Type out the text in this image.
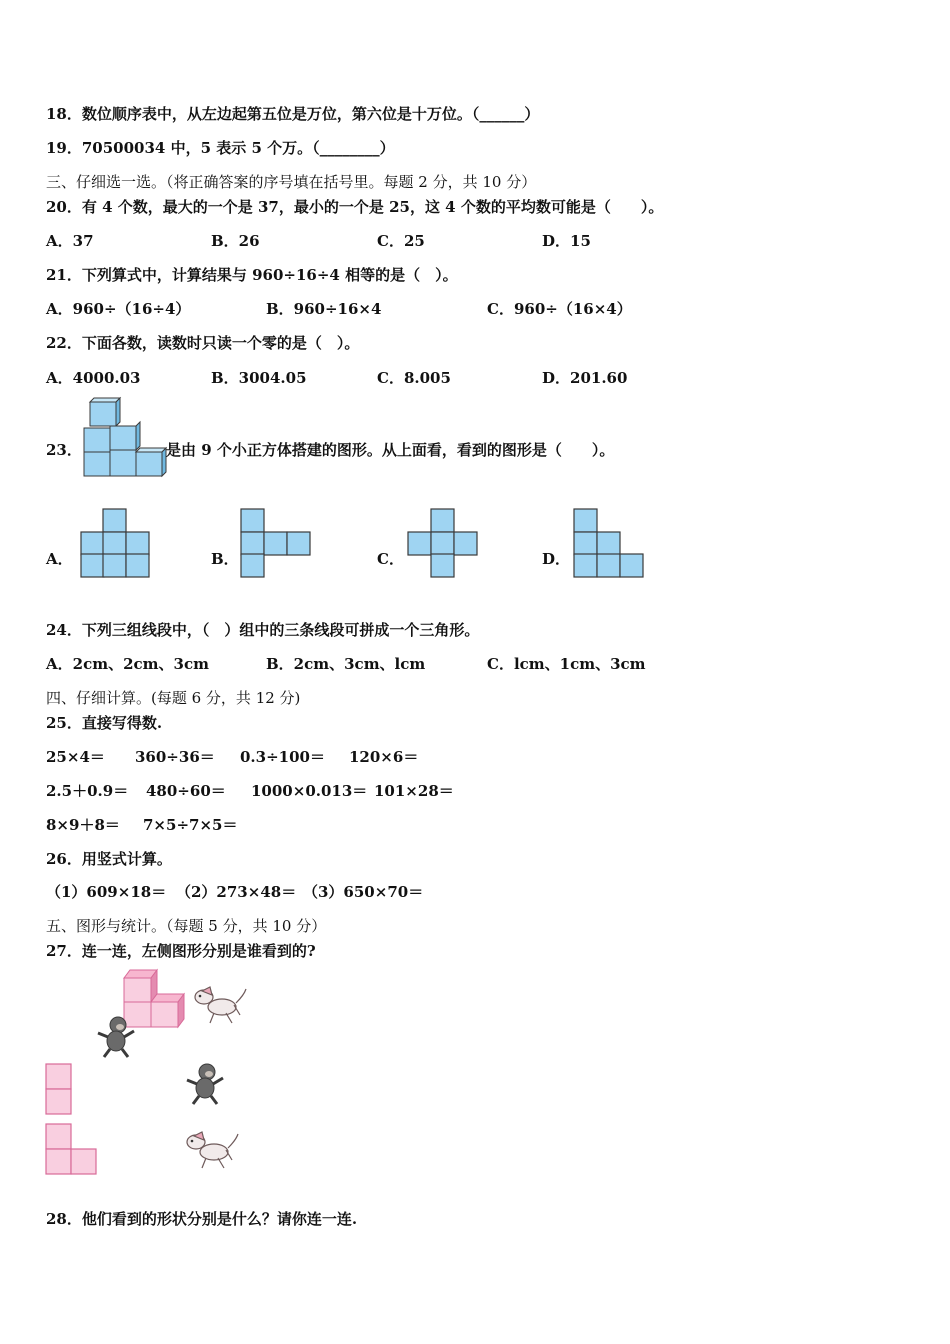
18．数位顺序表中，从左边起第五位是万位，第六位是十万位。（______）
19．70500034 中，5 表示 5 个万。（________）
三、仔细选一选。（将正确答案的序号填在括号里。每题 2 分，共 10 分）
20．有 4 个数，最大的一个是 37，最小的一个是 25，这 4 个数的平均数可能是（　　）。
A．37	B．26	C．25	D．15
21．下列算式中，计算结果与 960÷16÷4 相等的是（　）。
A．960÷（16÷4）	B．960÷16×4	C．960÷（16×4）
22．下面各数，读数时只读一个零的是（　）。
A．4000.03	B．3004.05	C．8.005	D．201.60
23．	是由 9 个小正方体搭建的图形。从上面看，看到的图形是（　　）。
A．	B．	C．	D．
24．下列三组线段中，（　）组中的三条线段可拼成一个三角形。
A．2cm、2cm、3cm	B．2cm、3cm、lcm	C．lcm、1cm、3cm
四、仔细计算。(每题 6 分，共 12 分)
25．直接写得数.
25×4＝ 360÷36＝ 0.3÷100＝ 120×6＝
2.5＋0.9＝ 480÷60＝ 1000×0.013＝ 101×28＝
8×9＋8＝ 7×5÷7×5＝
26．用竖式计算。
（1）609×18＝ （2）273×48＝ （3）650×70＝
五、图形与统计。（每题 5 分，共 10 分）
27．连一连，左侧图形分别是谁看到的?
28．他们看到的形状分别是什么？请你连一连.
